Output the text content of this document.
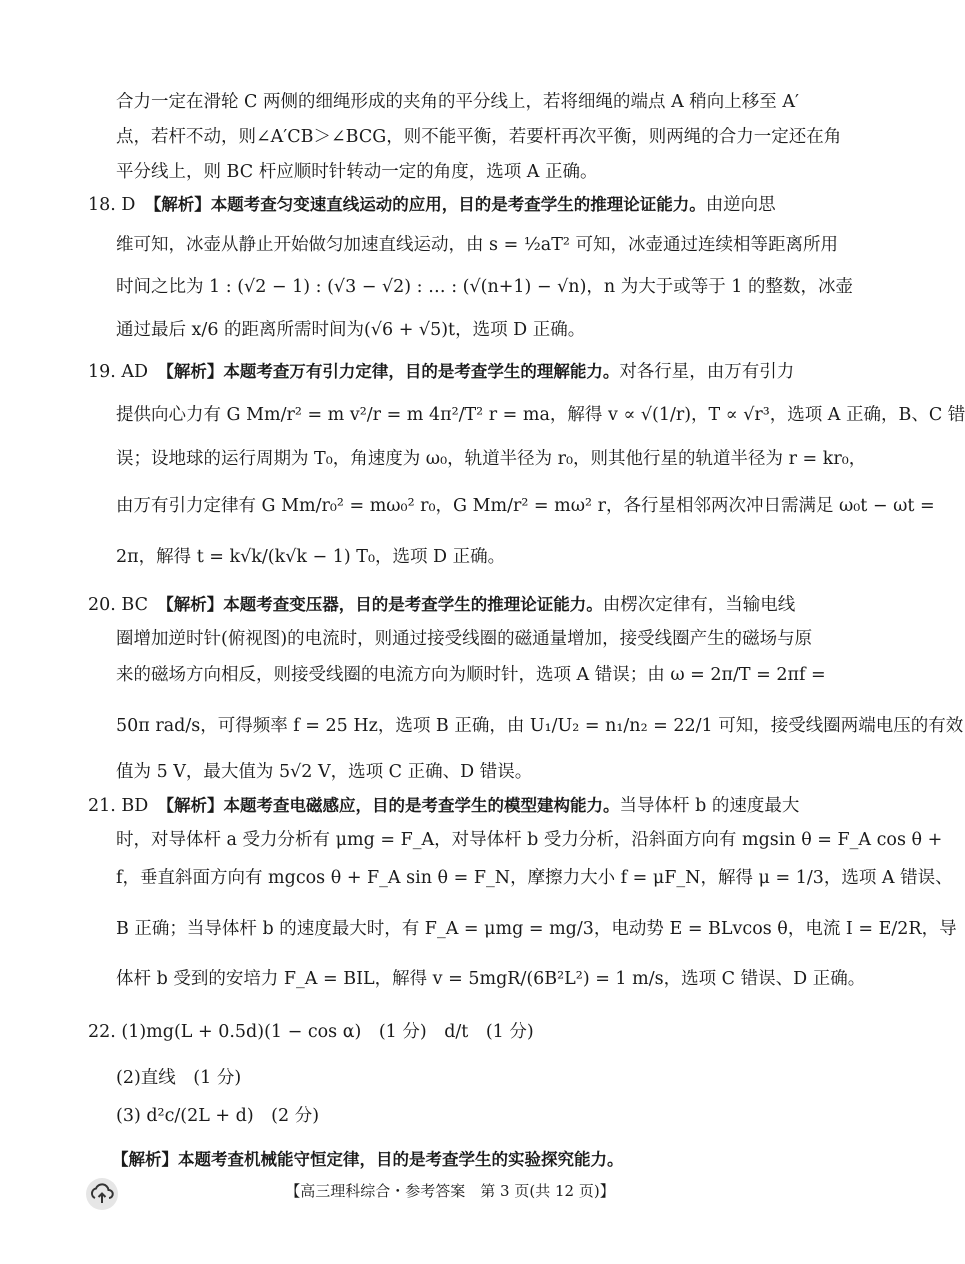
合力一定在滑轮 C 两侧的细绳形成的夹角的平分线上，若将细绳的端点 A 稍向上移至 A′
点，若杆不动，则∠A′CB＞∠BCG，则不能平衡，若要杆再次平衡，则两绳的合力一定还在角
平分线上，则 BC 杆应顺时针转动一定的角度，选项 A 正确。
18. D　【解析】本题考查匀变速直线运动的应用，目的是考查学生的推理论证能力。由逆向思
维可知，冰壶从静止开始做匀加速直线运动，由 s = ½aT² 可知，冰壶通过连续相等距离所用
时间之比为 1 : (√2 − 1) : (√3 − √2) : … : (√(n+1) − √n)，n 为大于或等于 1 的整数，冰壶
通过最后 x/6 的距离所需时间为(√6 + √5)t，选项 D 正确。
19. AD　【解析】本题考查万有引力定律，目的是考查学生的理解能力。对各行星，由万有引力
提供向心力有 G Mm/r² = m v²/r = m 4π²/T² r = ma，解得 v ∝ √(1/r)，T ∝ √r³，选项 A 正确，B、C 错
误；设地球的运行周期为 T₀，角速度为 ω₀，轨道半径为 r₀，则其他行星的轨道半径为 r = kr₀，
由万有引力定律有 G Mm/r₀² = mω₀² r₀，G Mm/r² = mω² r，各行星相邻两次冲日需满足 ω₀t − ωt =
2π，解得 t = k√k/(k√k − 1) T₀，选项 D 正确。
20. BC　【解析】本题考查变压器，目的是考查学生的推理论证能力。由楞次定律有，当输电线
圈增加逆时针(俯视图)的电流时，则通过接受线圈的磁通量增加，接受线圈产生的磁场与原
来的磁场方向相反，则接受线圈的电流方向为顺时针，选项 A 错误；由 ω = 2π/T = 2πf =
50π rad/s，可得频率 f = 25 Hz，选项 B 正确，由 U₁/U₂ = n₁/n₂ = 22/1 可知，接受线圈两端电压的有效
值为 5 V，最大值为 5√2 V，选项 C 正确、D 错误。
21. BD　【解析】本题考查电磁感应，目的是考查学生的模型建构能力。当导体杆 b 的速度最大
时，对导体杆 a 受力分析有 μmg = F_A，对导体杆 b 受力分析，沿斜面方向有 mgsin θ = F_A cos θ +
f，垂直斜面方向有 mgcos θ + F_A sin θ = F_N，摩擦力大小 f = μF_N，解得 μ = 1/3，选项 A 错误、
B 正确；当导体杆 b 的速度最大时，有 F_A = μmg = mg/3，电动势 E = BLvcos θ，电流 I = E/2R，导
体杆 b 受到的安培力 F_A = BIL，解得 v = 5mgR/(6B²L²) = 1 m/s，选项 C 错误、D 正确。
22. (1)mg(L + 0.5d)(1 − cos α)　(1 分)　d/t　(1 分)
(2)直线　(1 分)
(3) d²c/(2L + d)　(2 分)
【解析】本题考查机械能守恒定律，目的是考查学生的实验探究能力。
【高三理科综合・参考答案　第 3 页(共 12 页)】
